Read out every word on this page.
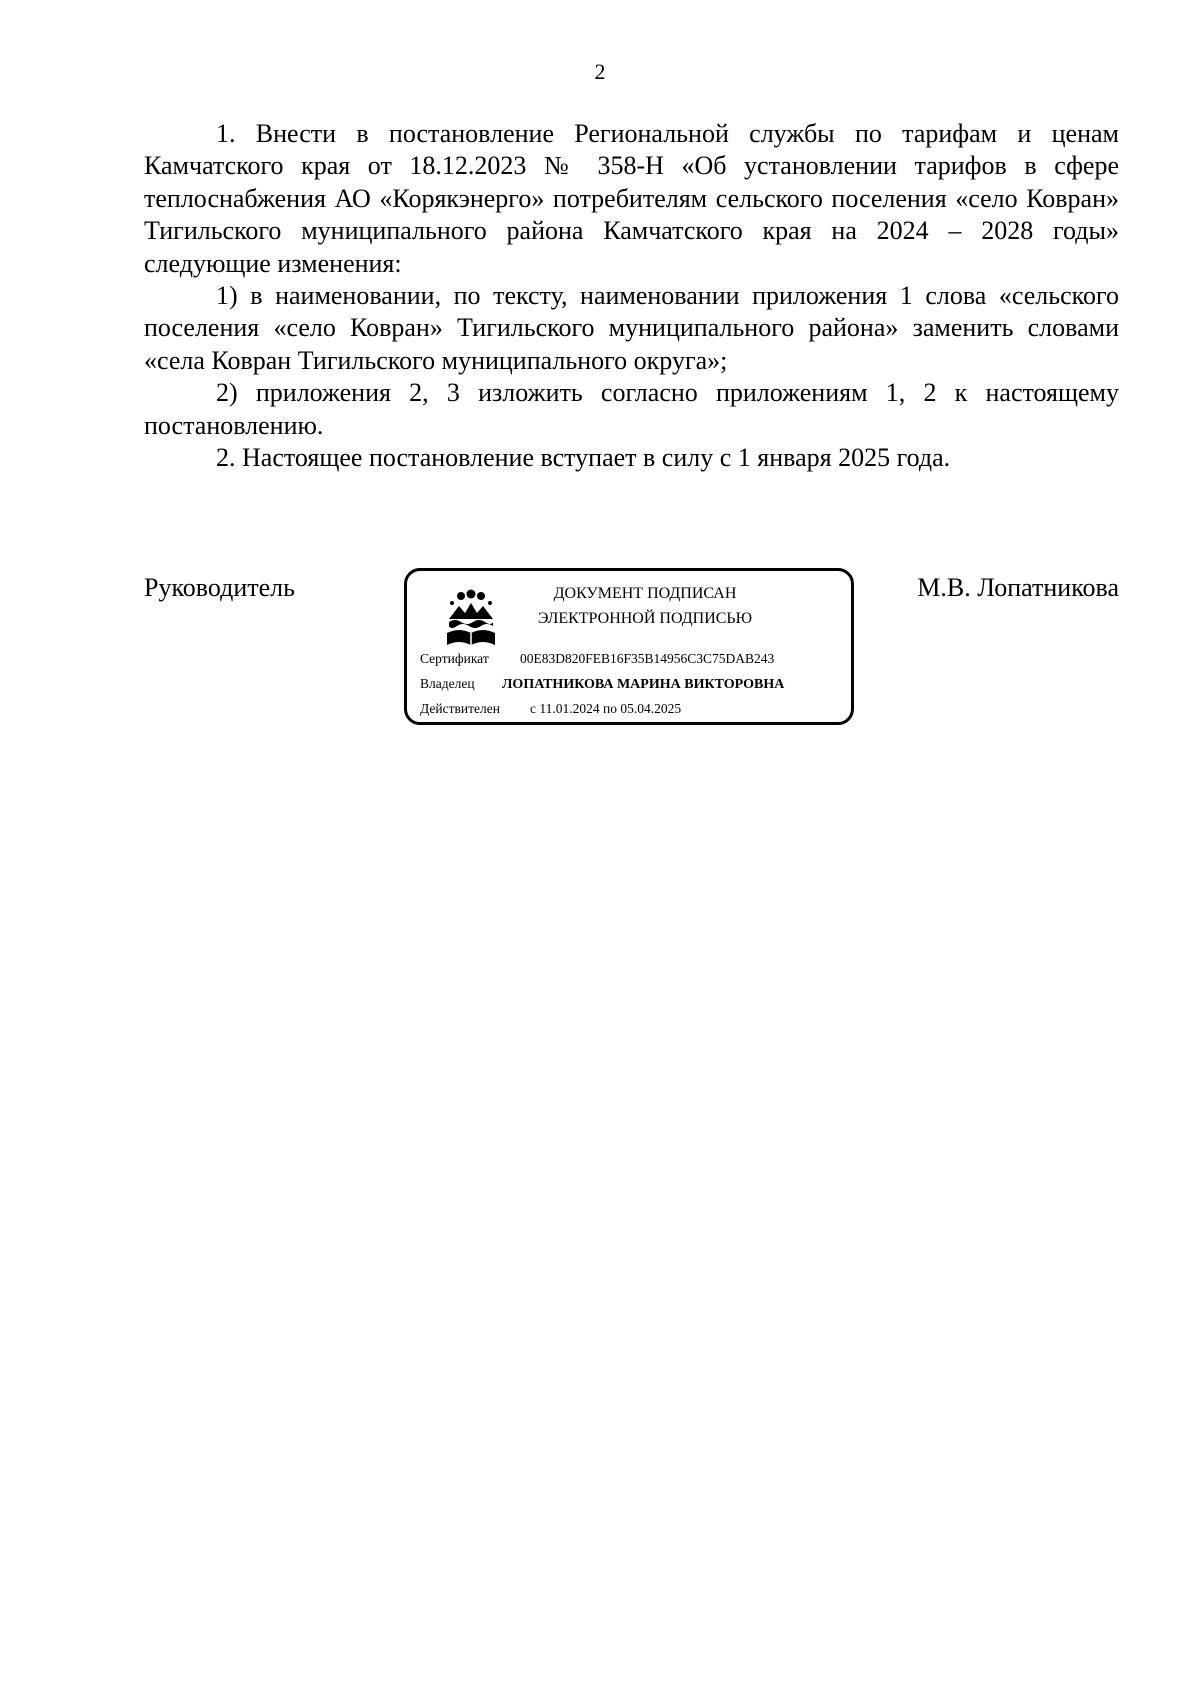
2

1. Внести в постановление Региональной службы по тарифам и ценам Камчатского края от 18.12.2023 № 358-Н «Об установлении тарифов в сфере теплоснабжения АО «Корякэнерго» потребителям сельского поселения «село Ковран» Тигильского муниципального района Камчатского края на 2024 – 2028 годы» следующие изменения:

1) в наименовании, по тексту, наименовании приложения 1 слова «сельского поселения «село Ковран» Тигильского муниципального района» заменить словами «села Ковран Тигильского муниципального округа»;

2) приложения 2, 3 изложить согласно приложениям 1, 2 к настоящему постановлению.

2. Настоящее постановление вступает в силу с 1 января 2025 года.

Руководитель	ДОКУМЕНТ ПОДПИСАН
ЭЛЕКТРОННОЙ ПОДПИСЬЮ
Сертификат 00E83D820FEB16F35B14956C3C75DAB243
Владелец ЛОПАТНИКОВА МАРИНА ВИКТОРОВНА
Действителен с 11.01.2024 по 05.04.2025
М.В. Лопатникова
